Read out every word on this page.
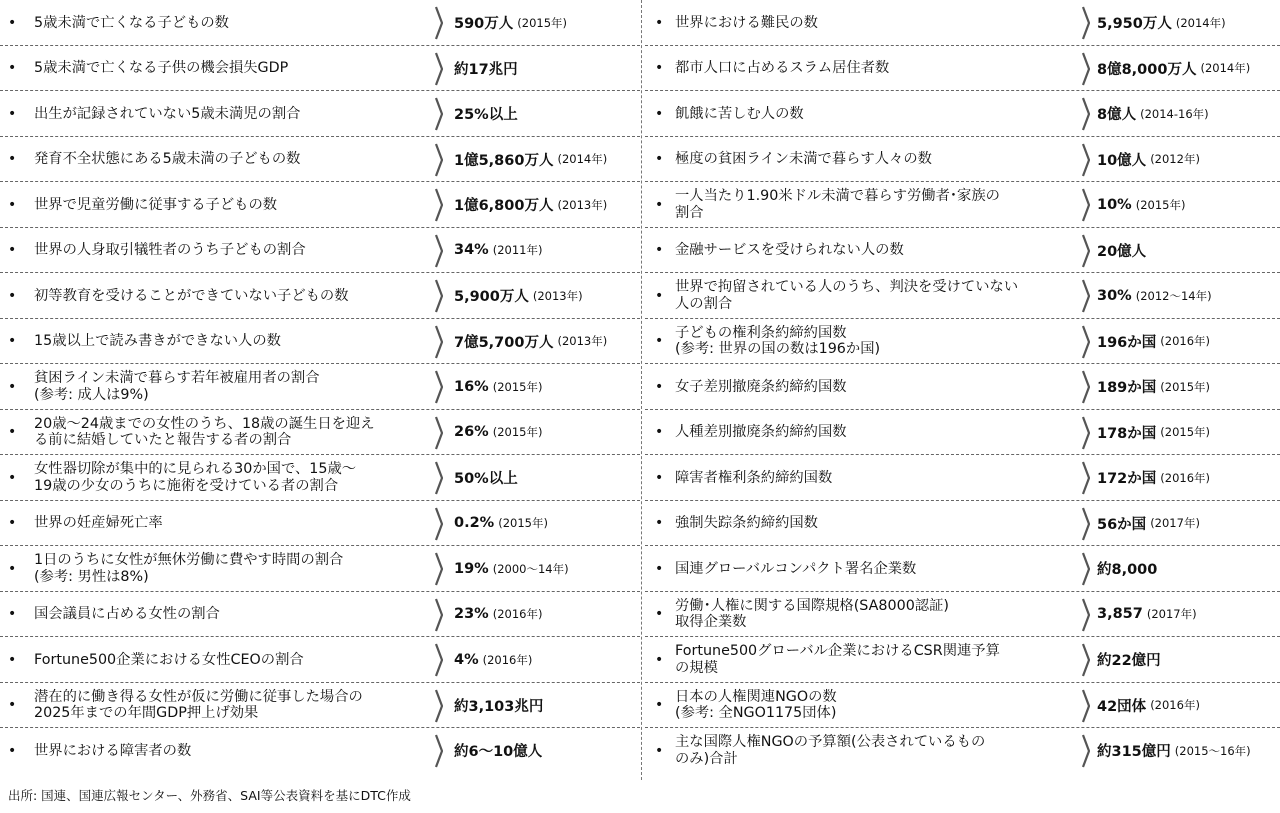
• 5歳未満で亡くなる子どもの数	590万人 (2015年)
• 5歳未満で亡くなる子供の機会損失GDP	約17兆円
• 出生が記録されていない5歳未満児の割合	25%以上
• 発育不全状態にある5歳未満の子どもの数	1億5,860万人 (2014年)
• 世界で児童労働に従事する子どもの数	1億6,800万人 (2013年)
• 世界の人身取引犠牲者のうち子どもの割合	34% (2011年)
• 初等教育を受けることができていない子どもの数	5,900万人 (2013年)
• 15歳以上で読み書きができない人の数	7億5,700万人 (2013年)
•
貧困ライン未満で暮らす若年被雇用者の割合
(参考: 成人は9%)	16% (2015年)
•
20歳〜24歳までの女性のうち、18歳の誕生日を迎え
る前に結婚していたと報告する者の割合	26% (2015年)
•
女性器切除が集中的に見られる30か国で、15歳〜
19歳の少女のうちに施術を受けている者の割合	50%以上
• 世界の妊産婦死亡率	0.2% (2015年)
•
1日のうちに女性が無休労働に費やす時間の割合
(参考: 男性は8%)	19% (2000〜14年)
• 国会議員に占める女性の割合	23% (2016年)
• Fortune500企業における女性CEOの割合	4% (2016年)
•
潜在的に働き得る女性が仮に労働に従事した場合の
2025年までの年間GDP押上げ効果	約3,103兆円
• 世界における障害者の数	約6〜10億人
• 世界における難民の数	5,950万人 (2014年)
• 都市人口に占めるスラム居住者数	8億8,000万人 (2014年)
• 飢餓に苦しむ人の数	8億人 (2014-16年)
• 極度の貧困ライン未満で暮らす人々の数	10億人 (2012年)
•
一人当たり1.90米ドル未満で暮らす労働者･家族の
割合	10% (2015年)
• 金融サービスを受けられない人の数	20億人
•
世界で拘留されている人のうち、判決を受けていない
人の割合	30% (2012〜14年)
•
子どもの権利条約締約国数
(参考: 世界の国の数は196か国)	196か国 (2016年)
• 女子差別撤廃条約締約国数	189か国 (2015年)
• 人種差別撤廃条約締約国数	178か国 (2015年)
• 障害者権利条約締約国数	172か国 (2016年)
• 強制失踪条約締約国数	56か国 (2017年)
• 国連グローバルコンパクト署名企業数	約8,000
•
労働･人権に関する国際規格(SA8000認証)
取得企業数	3,857 (2017年)
•
Fortune500グローバル企業におけるCSR関連予算
の規模	約22億円
•
日本の人権関連NGOの数
(参考: 全NGO1175団体)	42団体 (2016年)
•
主な国際人権NGOの予算額(公表されているもの
のみ)合計	約315億円 (2015〜16年)
出所: 国連、国連広報センター、外務省、SAI等公表資料を基にDTC作成
